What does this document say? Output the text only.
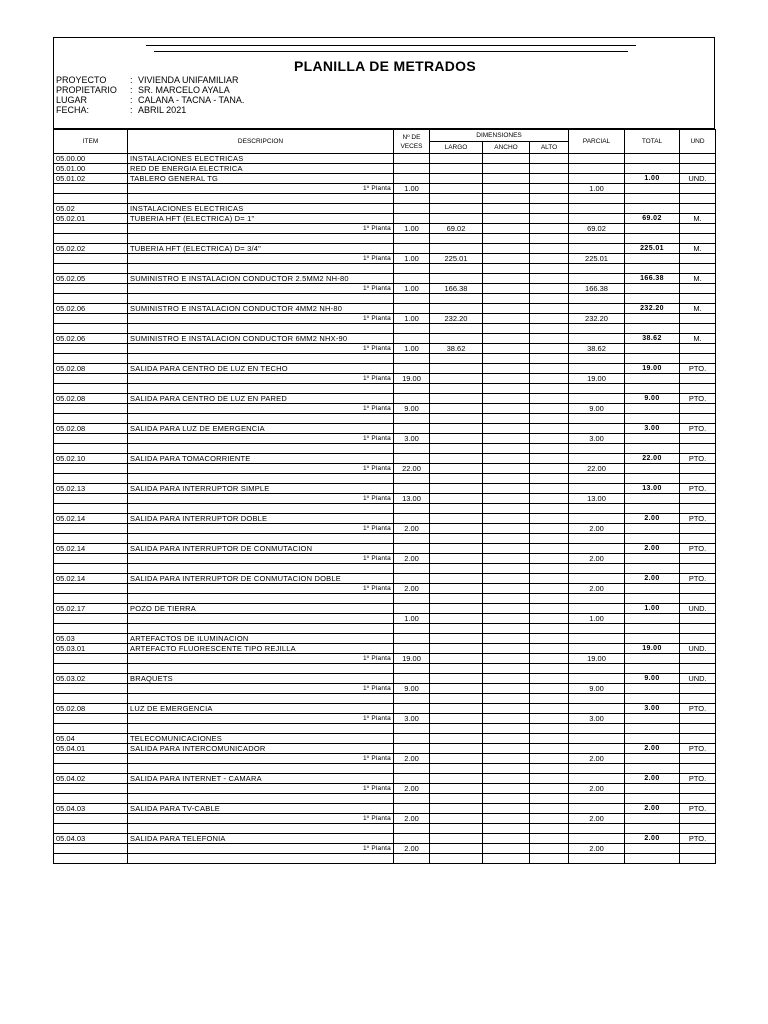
PLANILLA DE METRADOS
PROYECTO	: VIVIENDA UNIFAMILIAR
PROPIETARIO : SR. MARCELO AYALA
LUGAR	: CALANA - TACNA - TANA.
FECHA:	: ABRIL 2021
ITEM	DESCRIPCION	Nº DE
VECES	DIMENSIONES			PARCIAL	TOTAL	UND
			LARGO	ANCHO	ALTO			
05.00.00	INSTALACIONES ELECTRICAS							
05.01.00	RED DE ENERGIA ELECTRICA							
05.01.02	TABLERO GENERAL TG						1.00	UND.
	1º Planta	1.00				1.00		

05.02	INSTALACIONES ELECTRICAS							
05.02.01	TUBERIA HFT (ELECTRICA) D= 1"						69.02	M.
	1º Planta	1.00	69.02			69.02		

05.02.02	TUBERIA HFT (ELECTRICA) D= 3/4"						225.01	M.
	1º Planta	1.00	225.01			225.01		

05.02.05	SUMINISTRO E INSTALACION CONDUCTOR 2.5MM2 NH-80						166.38	M.
	1º Planta	1.00	166.38			166.38		

05.02.06	SUMINISTRO E INSTALACION CONDUCTOR 4MM2 NH-80						232.20	M.
	1º Planta	1.00	232.20			232.20		

05.02.06	SUMINISTRO E INSTALACION CONDUCTOR 6MM2 NHX-90						38.62	M.
	1º Planta	1.00	38.62			38.62		

05.02.08	SALIDA PARA CENTRO DE LUZ EN TECHO						19.00	PTO.
	1º Planta	19.00				19.00		

05.02.08	SALIDA PARA CENTRO DE LUZ EN PARED						9.00	PTO.
	1º Planta	9.00				9.00		

05.02.08	SALIDA PARA LUZ DE EMERGENCIA						3.00	PTO.
	1º Planta	3.00				3.00		

05.02.10	SALIDA PARA TOMACORRIENTE						22.00	PTO.
	1º Planta	22.00				22.00		

05.02.13	SALIDA PARA INTERRUPTOR SIMPLE						13.00	PTO.
	1º Planta	13.00				13.00		

05.02.14	SALIDA PARA INTERRUPTOR DOBLE						2.00	PTO.
	1º Planta	2.00				2.00		

05.02.14	SALIDA PARA INTERRUPTOR DE CONMUTACION						2.00	PTO.
	1º Planta	2.00				2.00		

05.02.14	SALIDA PARA INTERRUPTOR DE CONMUTACION DOBLE						2.00	PTO.
	1º Planta	2.00				2.00		

05.02.17	POZO DE TIERRA						1.00	UND.
		1.00				1.00		

05.03	ARTEFACTOS DE ILUMINACION							
05.03.01	ARTEFACTO FLUORESCENTE TIPO REJILLA						19.00	UND.
	1º Planta	19.00				19.00		

05.03.02	BRAQUETS						9.00	UND.
	1º Planta	9.00				9.00		

05.02.08	LUZ DE EMERGENCIA						3.00	PTO.
	1º Planta	3.00				3.00		

05.04	TELECOMUNICACIONES							
05.04.01	SALIDA PARA INTERCOMUNICADOR						2.00	PTO.
	1º Planta	2.00				2.00		

05.04.02	SALIDA PARA INTERNET - CAMARA						2.00	PTO.
	1º Planta	2.00				2.00		

05.04.03	SALIDA PARA TV-CABLE						2.00	PTO.
	1º Planta	2.00				2.00		

05.04.03	SALIDA PARA TELEFONIA						2.00	PTO.
	1º Planta	2.00				2.00		
